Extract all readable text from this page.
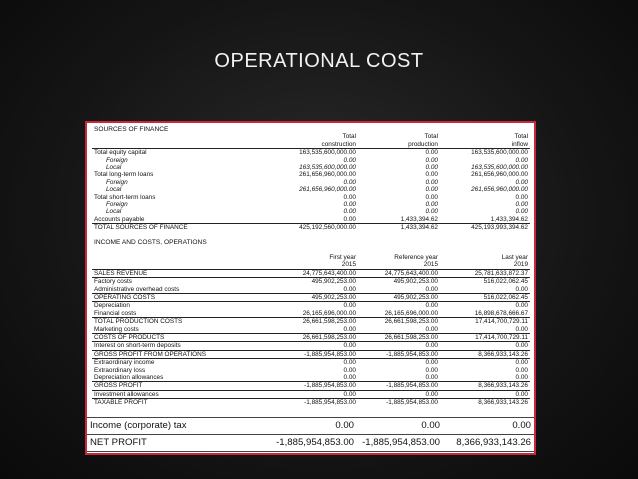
OPERATIONAL COST
SOURCES OF FINANCE			
	Total	Total	Total
	construction	production	inflow
Total equity capital	163,535,600,000.00	0.00	163,535,600,000.00
Foreign	0.00	0.00	0.00
Local	163,535,600,000.00	0.00	163,535,600,000.00
Total long-term loans	261,656,960,000.00	0.00	261,656,960,000.00
Foreign	0.00	0.00	0.00
Local	261,656,960,000.00	0.00	261,656,960,000.00
Total short-term loans	0.00	0.00	0.00
Foreign	0.00	0.00	0.00
Local	0.00	0.00	0.00
Accounts payable	0.00	1,433,394.62	1,433,394.62
TOTAL SOURCES OF FINANCE	425,192,560,000.00	1,433,394.62	425,193,993,394.62

INCOME AND COSTS, OPERATIONS			

	First year	Reference year	Last year
	2015	2015	2019
SALES REVENUE	24,775,643,400.00	24,775,643,400.00	25,781,633,872.37
Factory costs	495,902,253.00	495,902,253.00	516,022,062.45
Administrative overhead costs	0.00	0.00	0.00
OPERATING COSTS	495,902,253.00	495,902,253.00	516,022,062.45
Depreciation	0.00	0.00	0.00
Financial costs	26,165,696,000.00	26,165,696,000.00	16,898,678,666.67
TOTAL PRODUCTION COSTS	26,661,598,253.00	26,661,598,253.00	17,414,700,729.11
Marketing costs	0.00	0.00	0.00
COSTS OF PRODUCTS	26,661,598,253.00	26,661,598,253.00	17,414,700,729.11
Interest on short-term deposits	0.00	0.00	0.00
GROSS PROFIT FROM OPERATIONS	-1,885,954,853.00	-1,885,954,853.00	8,366,933,143.26
Extraordinary income	0.00	0.00	0.00
Extraordinary loss	0.00	0.00	0.00
Depreciation allowances	0.00	0.00	0.00
GROSS PROFIT	-1,885,954,853.00	-1,885,954,853.00	8,366,933,143.26
Investment allowances	0.00	0.00	0.00
TAXABLE PROFIT	-1,885,954,853.00	-1,885,954,853.00	8,366,933,143.26
Income (corporate) tax	0.00	0.00	0.00
NET PROFIT	-1,885,954,853.00	-1,885,954,853.00	8,366,933,143.26
